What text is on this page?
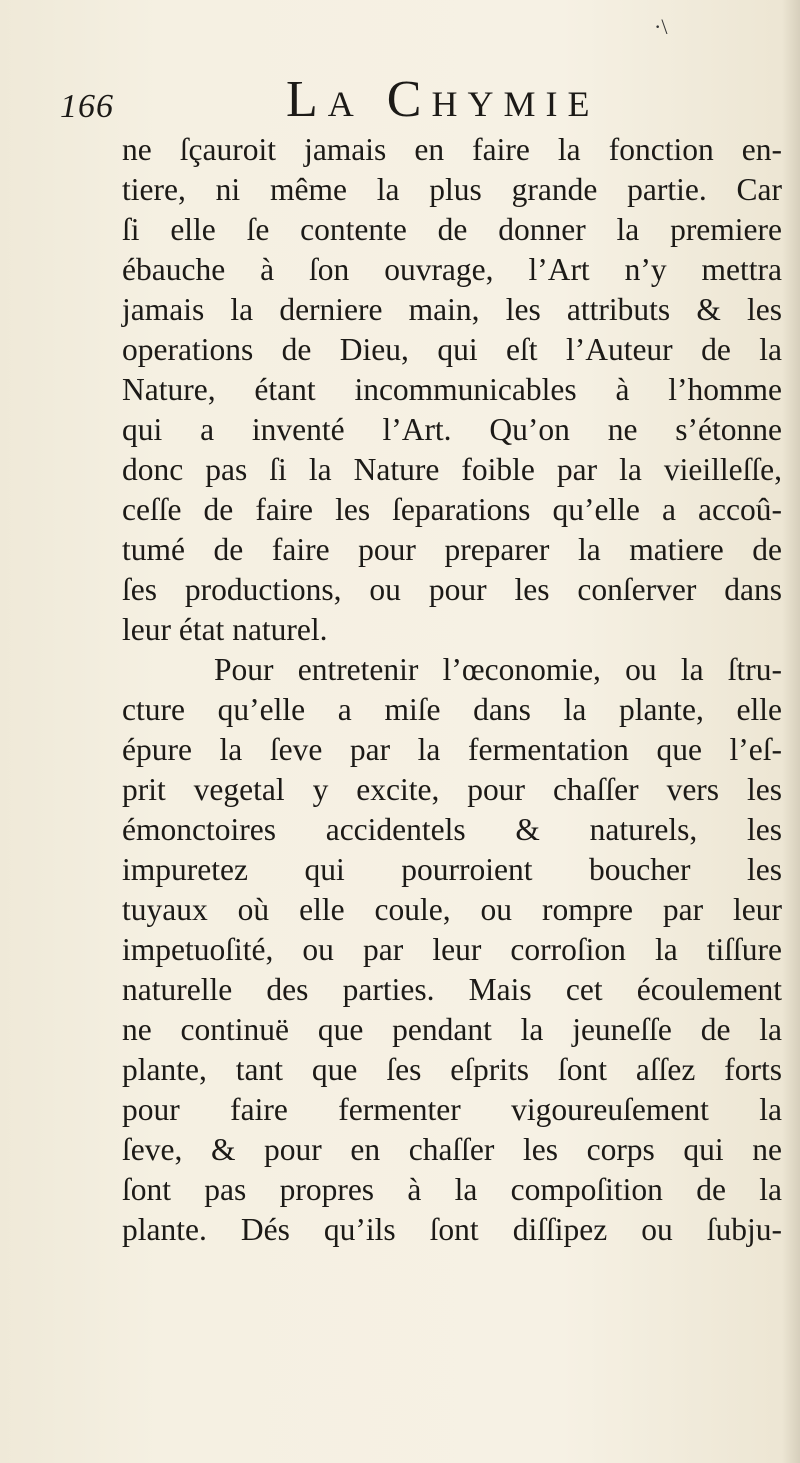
·\
166	La Chymie
ne ſçauroit jamais en faire la fonction en-
tiere, ni même la plus grande partie. Car
ſi elle ſe contente de donner la premiere
ébauche à ſon ouvrage, l’Art n’y mettra
jamais la derniere main, les attributs & les
operations de Dieu, qui eſt l’Auteur de la
Nature, étant incommunicables à l’homme
qui a inventé l’Art. Qu’on ne s’étonne
donc pas ſi la Nature foible par la vieilleſſe,
ceſſe de faire les ſeparations qu’elle a accoû-
tumé de faire pour preparer la matiere de
ſes productions, ou pour les conſerver dans
leur état naturel.
Pour entretenir l’œconomie, ou la ſtru-
cture qu’elle a miſe dans la plante, elle
épure la ſeve par la fermentation que l’eſ-
prit vegetal y excite, pour chaſſer vers les
émonctoires accidentels & naturels, les
impuretez qui pourroient boucher les
tuyaux où elle coule, ou rompre par leur
impetuoſité, ou par leur corroſion la tiſſure
naturelle des parties. Mais cet écoulement
ne continuë que pendant la jeuneſſe de la
plante, tant que ſes eſprits ſont aſſez forts
pour faire fermenter vigoureuſement la
ſeve, & pour en chaſſer les corps qui ne
ſont pas propres à la compoſition de la
plante. Dés qu’ils ſont diſſipez ou ſubju-
